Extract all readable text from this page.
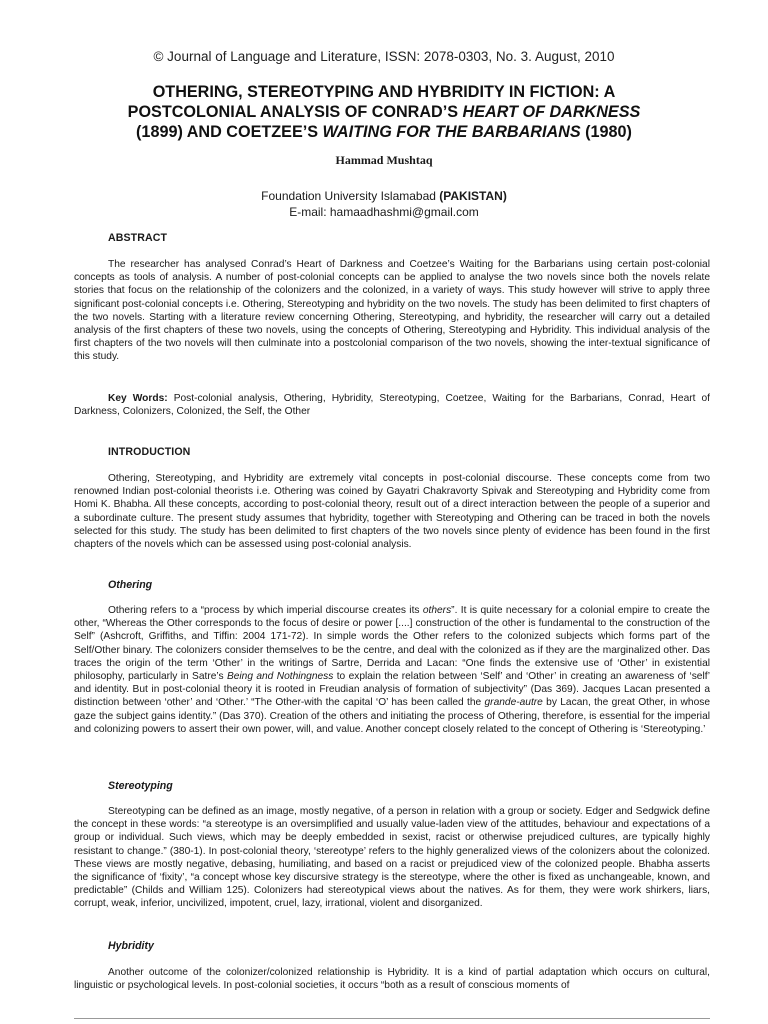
© Journal of Language and Literature, ISSN: 2078-0303, No. 3. August, 2010
OTHERING, STEREOTYPING AND HYBRIDITY IN FICTION: A
POSTCOLONIAL ANALYSIS OF CONRAD’S HEART OF DARKNESS
(1899) AND COETZEE’S WAITING FOR THE BARBARIANS (1980)
Hammad Mushtaq
Foundation University Islamabad (PAKISTAN)
E-mail: hamaadhashmi@gmail.com
ABSTRACT

The researcher has analysed Conrad’s Heart of Darkness and Coetzee’s Waiting for the Barbarians using certain post-colonial concepts as tools of analysis. A number of post-colonial concepts can be applied to analyse the two novels since both the novels relate stories that focus on the relationship of the colonizers and the colonized, in a variety of ways. This study however will strive to apply three significant post-colonial concepts i.e. Othering, Stereotyping and hybridity on the two novels. The study has been delimited to first chapters of the two novels. Starting with a literature review concerning Othering, Stereotyping, and hybridity, the researcher will carry out a detailed analysis of the first chapters of these two novels, using the concepts of Othering, Stereotyping and Hybridity. This individual analysis of the first chapters of the two novels will then culminate into a postcolonial comparison of the two novels, showing the inter-textual significance of this study.

Key Words: Post-colonial analysis, Othering, Hybridity, Stereotyping, Coetzee, Waiting for the Barbarians, Conrad, Heart of Darkness, Colonizers, Colonized, the Self, the Other

INTRODUCTION

Othering, Stereotyping, and Hybridity are extremely vital concepts in post-colonial discourse. These concepts come from two renowned Indian post-colonial theorists i.e. Othering was coined by Gayatri Chakravorty Spivak and Stereotyping and Hybridity come from Homi K. Bhabha. All these concepts, according to post-colonial theory, result out of a direct interaction between the people of a superior and a subordinate culture. The present study assumes that hybridity, together with Stereotyping and Othering can be traced in both the novels selected for this study. The study has been delimited to first chapters of the two novels since plenty of evidence has been found in the first chapters of the novels which can be assessed using post-colonial analysis.

Othering

Othering refers to a “process by which imperial discourse creates its others”. It is quite necessary for a colonial empire to create the other, “Whereas the Other corresponds to the focus of desire or power [....] construction of the other is fundamental to the construction of the Self” (Ashcroft, Griffiths, and Tiffin: 2004 171-72). In simple words the Other refers to the colonized subjects which forms part of the Self/Other binary. The colonizers consider themselves to be the centre, and deal with the colonized as if they are the marginalized other. Das traces the origin of the term ‘Other’ in the writings of Sartre, Derrida and Lacan: “One finds the extensive use of ‘Other’ in existential philosophy, particularly in Satre’s Being and Nothingness to explain the relation between ‘Self’ and ‘Other’ in creating an awareness of ‘self’ and identity. But in post-colonial theory it is rooted in Freudian analysis of formation of subjectivity” (Das 369). Jacques Lacan presented a distinction between ‘other’ and ‘Other.’ “The Other-with the capital ‘O’ has been called the grande-autre by Lacan, the great Other, in whose gaze the subject gains identity.” (Das 370). Creation of the others and initiating the process of Othering, therefore, is essential for the imperial and colonizing powers to assert their own power, will, and value. Another concept closely related to the concept of Othering is ‘Stereotyping.’

Stereotyping

Stereotyping can be defined as an image, mostly negative, of a person in relation with a group or society. Edger and Sedgwick define the concept in these words: “a stereotype is an oversimplified and usually value-laden view of the attitudes, behaviour and expectations of a group or individual. Such views, which may be deeply embedded in sexist, racist or otherwise prejudiced cultures, are typically highly resistant to change.” (380-1). In post-colonial theory, ‘stereotype’ refers to the highly generalized views of the colonizers about the colonized. These views are mostly negative, debasing, humiliating, and based on a racist or prejudiced view of the colonized people. Bhabha asserts the significance of ‘fixity’, “a concept whose key discursive strategy is the stereotype, where the other is fixed as unchangeable, known, and predictable” (Childs and William 125). Colonizers had stereotypical views about the natives. As for them, they were work shirkers, liars, corrupt, weak, inferior, uncivilized, impotent, cruel, lazy, irrational, violent and disorganized.

Hybridity

Another outcome of the colonizer/colonized relationship is Hybridity. It is a kind of partial adaptation which occurs on cultural, linguistic or psychological levels. In post-colonial societies, it occurs “both as a result of conscious moments of
